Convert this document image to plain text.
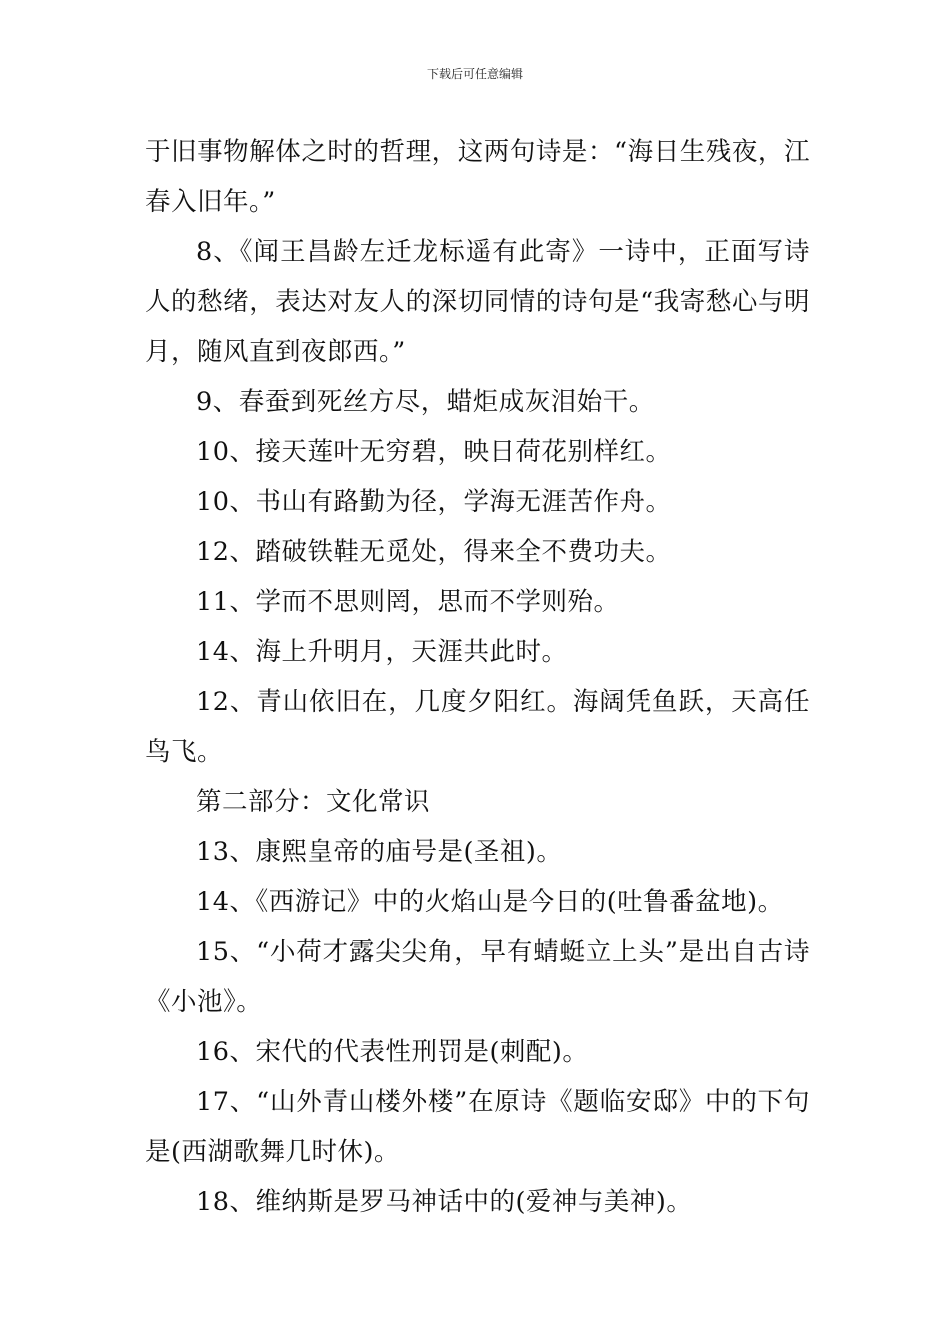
下载后可任意编辑

于旧事物解体之时的哲理，这两句诗是：“海日生残夜，江春入旧年。”

8、《闻王昌龄左迁龙标遥有此寄》一诗中，正面写诗人的愁绪，表达对友人的深切同情的诗句是“我寄愁心与明月，随风直到夜郎西。”

9、春蚕到死丝方尽，蜡炬成灰泪始干。

10、接天莲叶无穷碧，映日荷花别样红。

10、书山有路勤为径，学海无涯苦作舟。

12、踏破铁鞋无觅处，得来全不费功夫。

11、学而不思则罔，思而不学则殆。

14、海上升明月，天涯共此时。

12、青山依旧在，几度夕阳红。海阔凭鱼跃，天高任鸟飞。

第二部分：文化常识

13、康熙皇帝的庙号是(圣祖)。

14、《西游记》中的火焰山是今日的(吐鲁番盆地)。

15、“小荷才露尖尖角，早有蜻蜓立上头”是出自古诗《小池》。

16、宋代的代表性刑罚是(刺配)。

17、“山外青山楼外楼”在原诗《题临安邸》中的下句是(西湖歌舞几时休)。

18、维纳斯是罗马神话中的(爱神与美神)。
